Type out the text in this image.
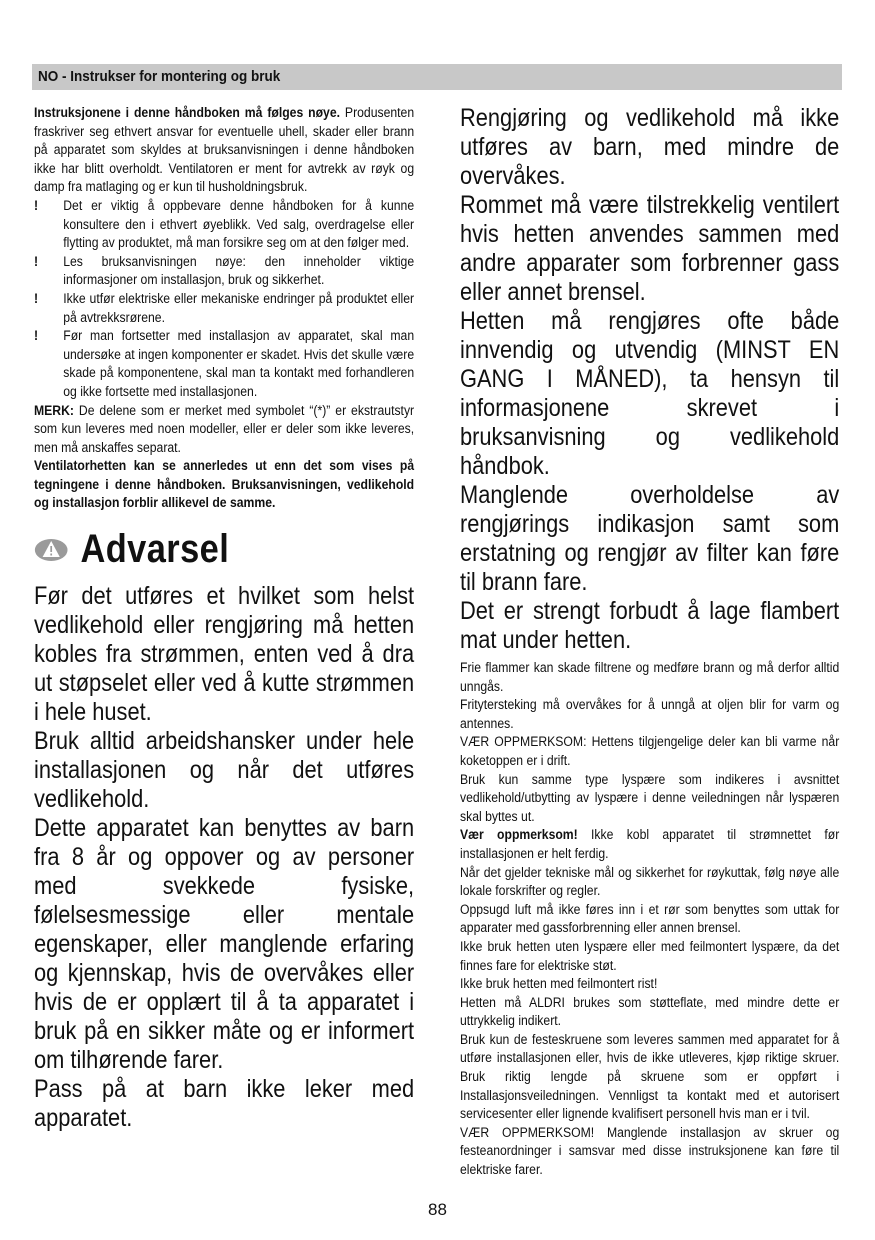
NO - Instrukser for montering og bruk

Instruksjonene i denne håndboken må følges nøye. Produsenten fraskriver seg ethvert ansvar for eventuelle uhell, skader eller brann på apparatet som skyldes at bruksanvisningen i denne håndboken ikke har blitt overholdt. Ventilatoren er ment for avtrekk av røyk og damp fra matlaging og er kun til husholdningsbruk.

! Det er viktig å oppbevare denne håndboken for å kunne konsultere den i ethvert øyeblikk. Ved salg, overdragelse eller flytting av produktet, må man forsikre seg om at den følger med.

! Les bruksanvisningen nøye: den inneholder viktige informasjoner om installasjon, bruk og sikkerhet.

! Ikke utfør elektriske eller mekaniske endringer på produktet eller på avtrekksrørene.

! Før man fortsetter med installasjon av apparatet, skal man undersøke at ingen komponenter er skadet. Hvis det skulle være skade på komponentene, skal man ta kontakt med forhandleren og ikke fortsette med installasjonen.

MERK: De delene som er merket med symbolet “(*)” er ekstrautstyr som kun leveres med noen modeller, eller er deler som ikke leveres, men må anskaffes separat.

Ventilatorhetten kan se annerledes ut enn det som vises på tegningene i denne håndboken. Bruksanvisningen, vedlikehold og installasjon forblir allikevel de samme.

Advarsel

Før det utføres et hvilket som helst vedlikehold eller rengjøring må hetten kobles fra strømmen, enten ved å dra ut støpselet eller ved å kutte strømmen i hele huset.

Bruk alltid arbeidshansker under hele installasjonen og når det utføres vedlikehold.

Dette apparatet kan benyttes av barn fra 8 år og oppover og av personer med svekkede fysiske, følelsesmessige eller mentale egenskaper, eller manglende erfaring og kjennskap, hvis de overvåkes eller hvis de er opplært til å ta apparatet i bruk på en sikker måte og er informert om tilhørende farer.

Pass på at barn ikke leker med apparatet.

Rengjøring og vedlikehold må ikke utføres av barn, med mindre de overvåkes.

Rommet må være tilstrekkelig ventilert hvis hetten anvendes sammen med andre apparater som forbrenner gass eller annet brensel.

Hetten må rengjøres ofte både innvendig og utvendig (MINST EN GANG I MÅNED), ta hensyn til informasjonene skrevet i bruksanvisning og vedlikehold håndbok.

Manglende overholdelse av rengjørings indikasjon samt som erstatning og rengjør av filter kan føre til brann fare.

Det er strengt forbudt å lage flambert mat under hetten.

Frie flammer kan skade filtrene og medføre brann og må derfor alltid unngås.

Fritytersteking må overvåkes for å unngå at oljen blir for varm og antennes.

VÆR OPPMERKSOM: Hettens tilgjengelige deler kan bli varme når koketoppen er i drift.

Bruk kun samme type lyspære som indikeres i avsnittet vedlikehold/utbytting av lyspære i denne veiledningen når lyspæren skal byttes ut.

Vær oppmerksom! Ikke kobl apparatet til strømnettet før installasjonen er helt ferdig.

Når det gjelder tekniske mål og sikkerhet for røykuttak, følg nøye alle lokale forskrifter og regler.

Oppsugd luft må ikke føres inn i et rør som benyttes som uttak for apparater med gassforbrenning eller annen brensel.

Ikke bruk hetten uten lyspære eller med feilmontert lyspære, da det finnes fare for elektriske støt.

Ikke bruk hetten med feilmontert rist!

Hetten må ALDRI brukes som støtteflate, med mindre dette er uttrykkelig indikert.

Bruk kun de festeskruene som leveres sammen med apparatet for å utføre installasjonen eller, hvis de ikke utleveres, kjøp riktige skruer. Bruk riktig lengde på skruene som er oppført i Installasjonsveiledningen. Vennligst ta kontakt med et autorisert servicesenter eller lignende kvalifisert personell hvis man er i tvil.

VÆR OPPMERKSOM! Manglende installasjon av skruer og festeanordninger i samsvar med disse instruksjonene kan føre til elektriske farer.

88
